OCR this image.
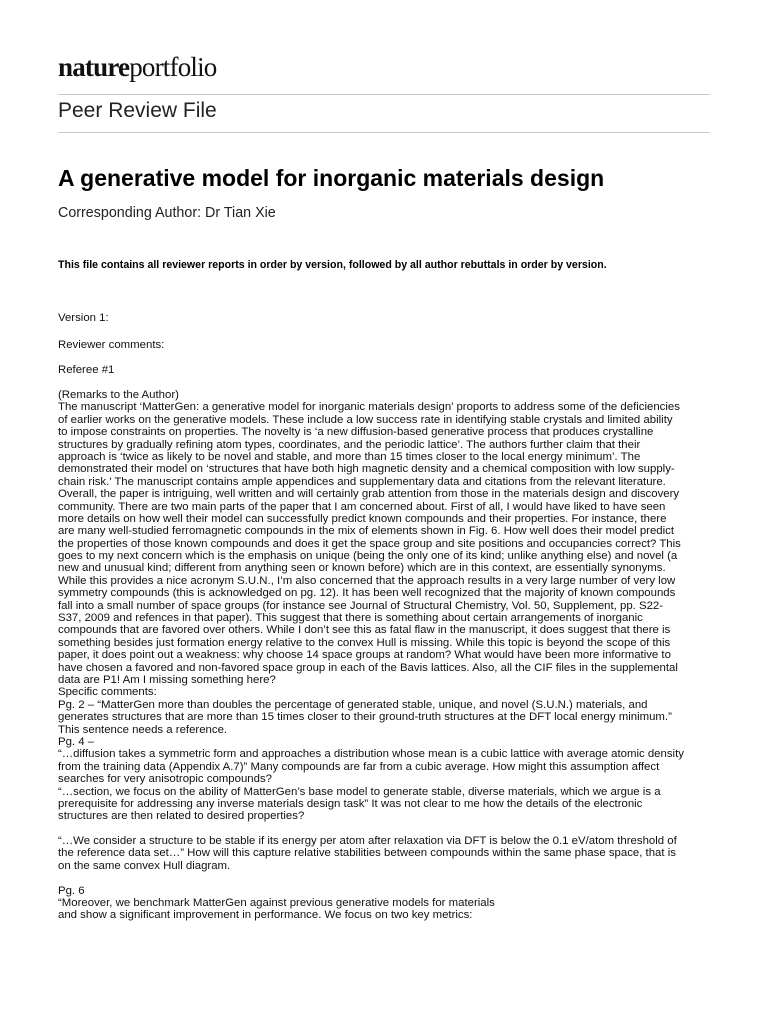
natureportfolio
Peer Review File
A generative model for inorganic materials design
Corresponding Author: Dr Tian Xie
This file contains all reviewer reports in order by version, followed by all author rebuttals in order by version.
Version 1:
Reviewer comments:
Referee #1
(Remarks to the Author)
The manuscript ‘MatterGen: a generative model for inorganic materials design’ proports to address some of the deficiencies
of earlier works on the generative models. These include a low success rate in identifying stable crystals and limited ability
to impose constraints on properties. The novelty is ‘a new diffusion-based generative process that produces crystalline
structures by gradually refining atom types, coordinates, and the periodic lattice’. The authors further claim that their
approach is ‘twice as likely to be novel and stable, and more than 15 times closer to the local energy minimum’. The
demonstrated their model on ‘structures that have both high magnetic density and a chemical composition with low supply-
chain risk.’ The manuscript contains ample appendices and supplementary data and citations from the relevant literature.
Overall, the paper is intriguing, well written and will certainly grab attention from those in the materials design and discovery
community. There are two main parts of the paper that I am concerned about. First of all, I would have liked to have seen
more details on how well their model can successfully predict known compounds and their properties. For instance, there
are many well-studied ferromagnetic compounds in the mix of elements shown in Fig. 6. How well does their model predict
the properties of those known compounds and does it get the space group and site positions and occupancies correct? This
goes to my next concern which is the emphasis on unique (being the only one of its kind; unlike anything else) and novel (a
new and unusual kind; different from anything seen or known before) which are in this context, are essentially synonyms.
While this provides a nice acronym S.U.N., I’m also concerned that the approach results in a very large number of very low
symmetry compounds (this is acknowledged on pg. 12). It has been well recognized that the majority of known compounds
fall into a small number of space groups (for instance see Journal of Structural Chemistry, Vol. 50, Supplement, pp. S22-
S37, 2009 and refences in that paper). This suggest that there is something about certain arrangements of inorganic
compounds that are favored over others. While I don’t see this as fatal flaw in the manuscript, it does suggest that there is
something besides just formation energy relative to the convex Hull is missing. While this topic is beyond the scope of this
paper, it does point out a weakness: why choose 14 space groups at random? What would have been more informative to
have chosen a favored and non-favored space group in each of the Bavis lattices. Also, all the CIF files in the supplemental
data are P1! Am I missing something here?
Specific comments:
Pg. 2 – “MatterGen more than doubles the percentage of generated stable, unique, and novel (S.U.N.) materials, and
generates structures that are more than 15 times closer to their ground-truth structures at the DFT local energy minimum.”
This sentence needs a reference.
Pg. 4 –
“…diffusion takes a symmetric form and approaches a distribution whose mean is a cubic lattice with average atomic density
from the training data (Appendix A.7)” Many compounds are far from a cubic average. How might this assumption affect
searches for very anisotropic compounds?
“…section, we focus on the ability of MatterGen’s base model to generate stable, diverse materials, which we argue is a
prerequisite for addressing any inverse materials design task” It was not clear to me how the details of the electronic
structures are then related to desired properties?
“…We consider a structure to be stable if its energy per atom after relaxation via DFT is below the 0.1 eV/atom threshold of
the reference data set…” How will this capture relative stabilities between compounds within the same phase space, that is
on the same convex Hull diagram.
Pg. 6
“Moreover, we benchmark MatterGen against previous generative models for materials
and show a significant improvement in performance. We focus on two key metrics:
